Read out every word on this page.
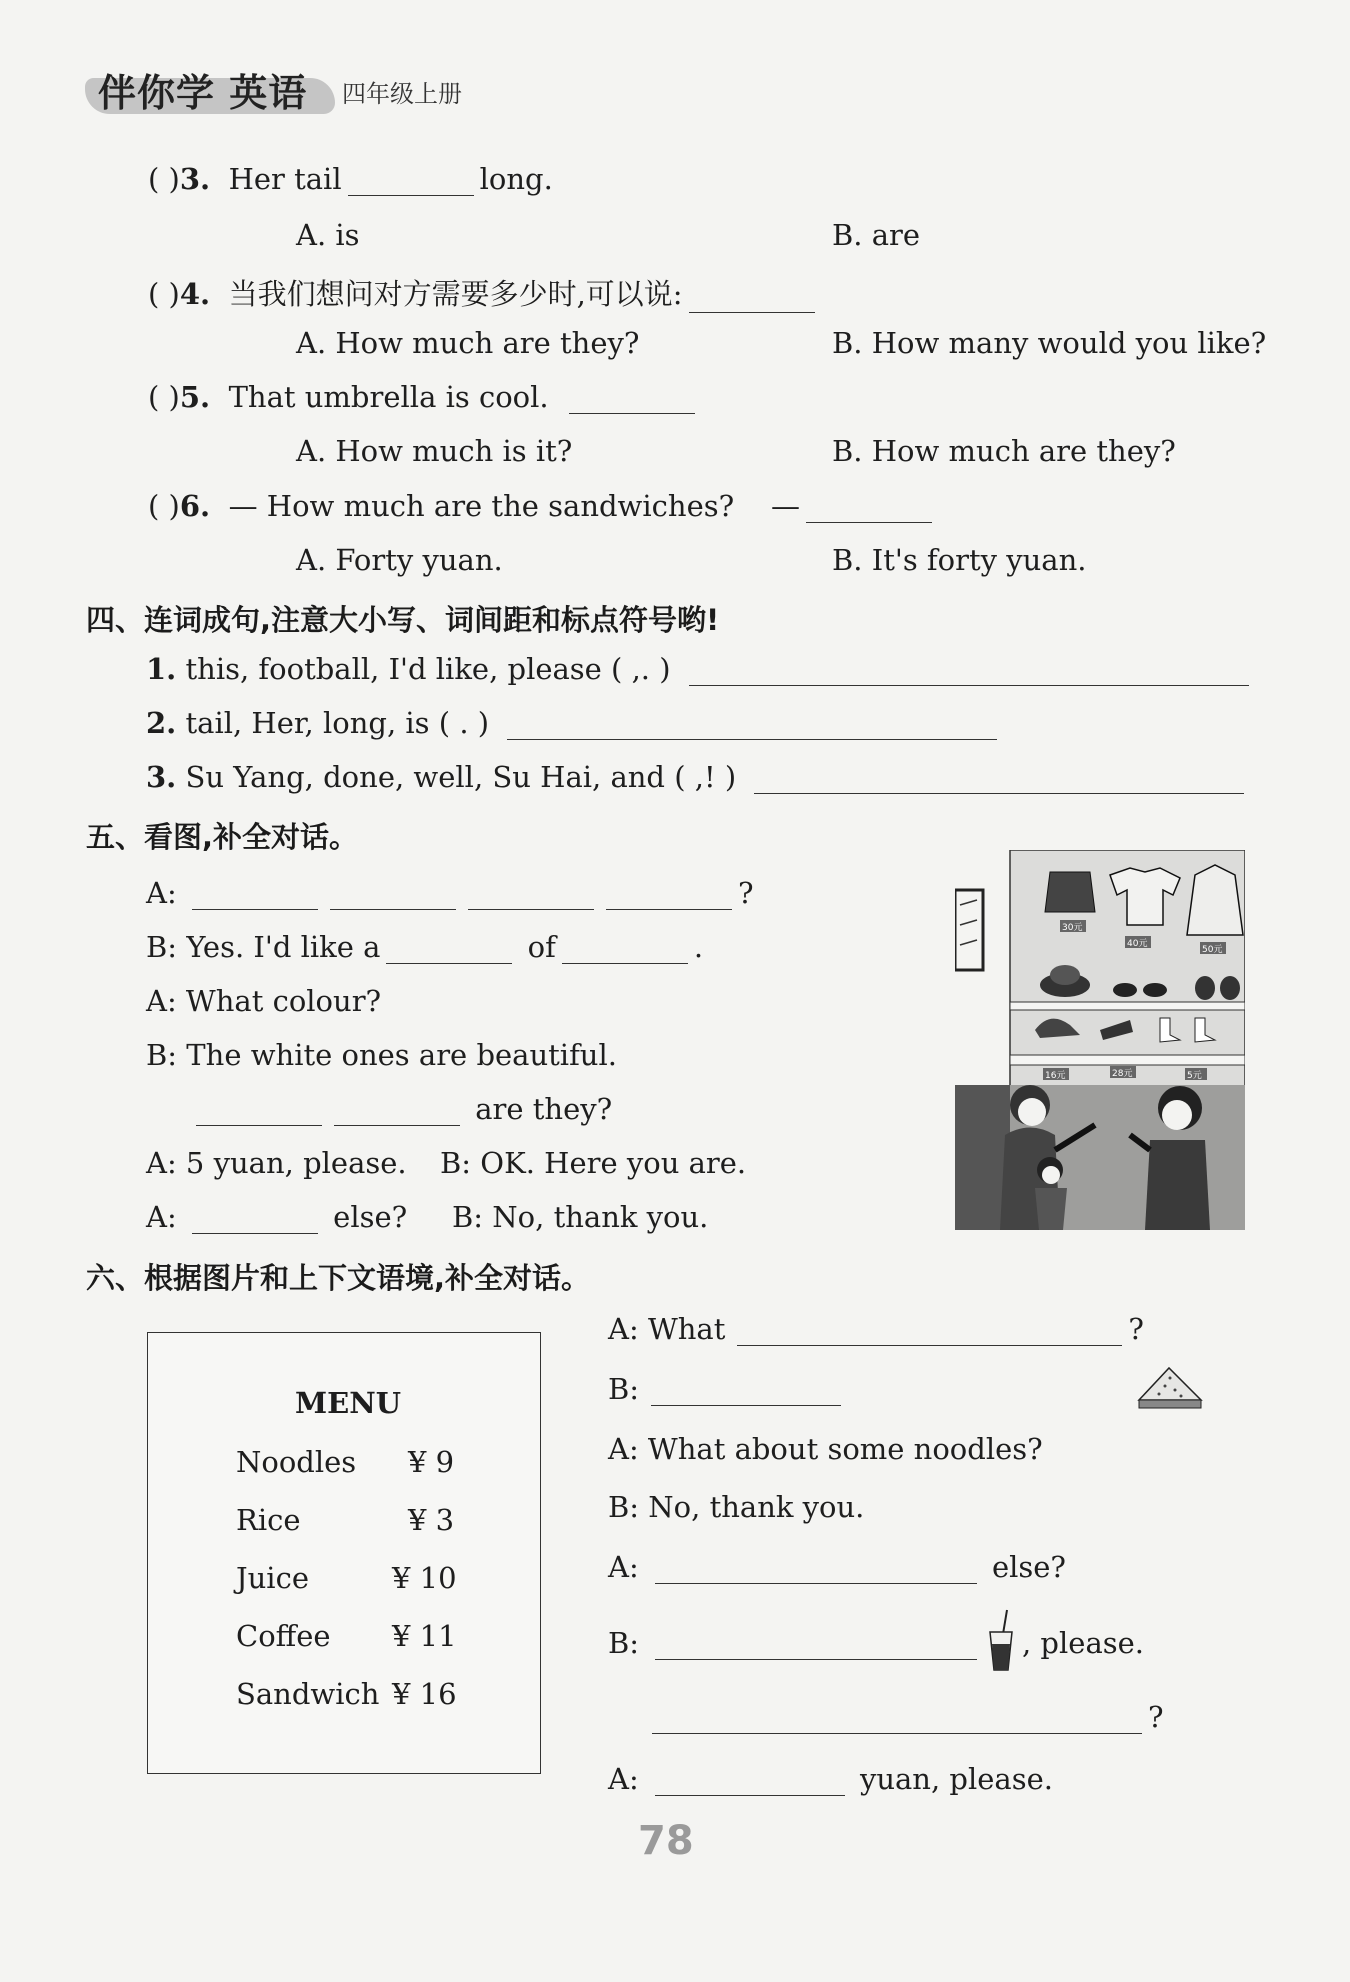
伴你学 英语 四年级上册
( )3. Her tail	long.
A. is	B. are
( )4. 当我们想问对方需要多少时,可以说:
A. How much are they?	B. How many would you like?
( )5. That umbrella is cool.
A. How much is it?	B. How much are they?
( )6. — How much are the sandwiches? —
A. Forty yuan.	B. It's forty yuan.
四、连词成句,注意大小写、词间距和标点符号哟!
1. this, football, I'd like, please ( ,. )
2. tail, Her, long, is ( . )
3. Su Yang, done, well, Su Hai, and ( ,! )
五、看图,补全对话。
A:	?
B: Yes. I'd like a	of	.
A: What colour?
B: The white ones are beautiful.
are they?
A: 5 yuan, please. B: OK. Here you are.
A:	else? B: No, thank you.
30元
40元
50元
16元	28元	5元
六、根据图片和上下文语境,补全对话。
MENU
Noodles ¥ 9
Rice	¥ 3
Juice	¥ 10
Coffee ¥ 11
Sandwich ¥ 16
A: What	?
B:
A: What about some noodles?
B: No, thank you.
A:	else?
B:	, please.
?
A:	yuan, please.
78
